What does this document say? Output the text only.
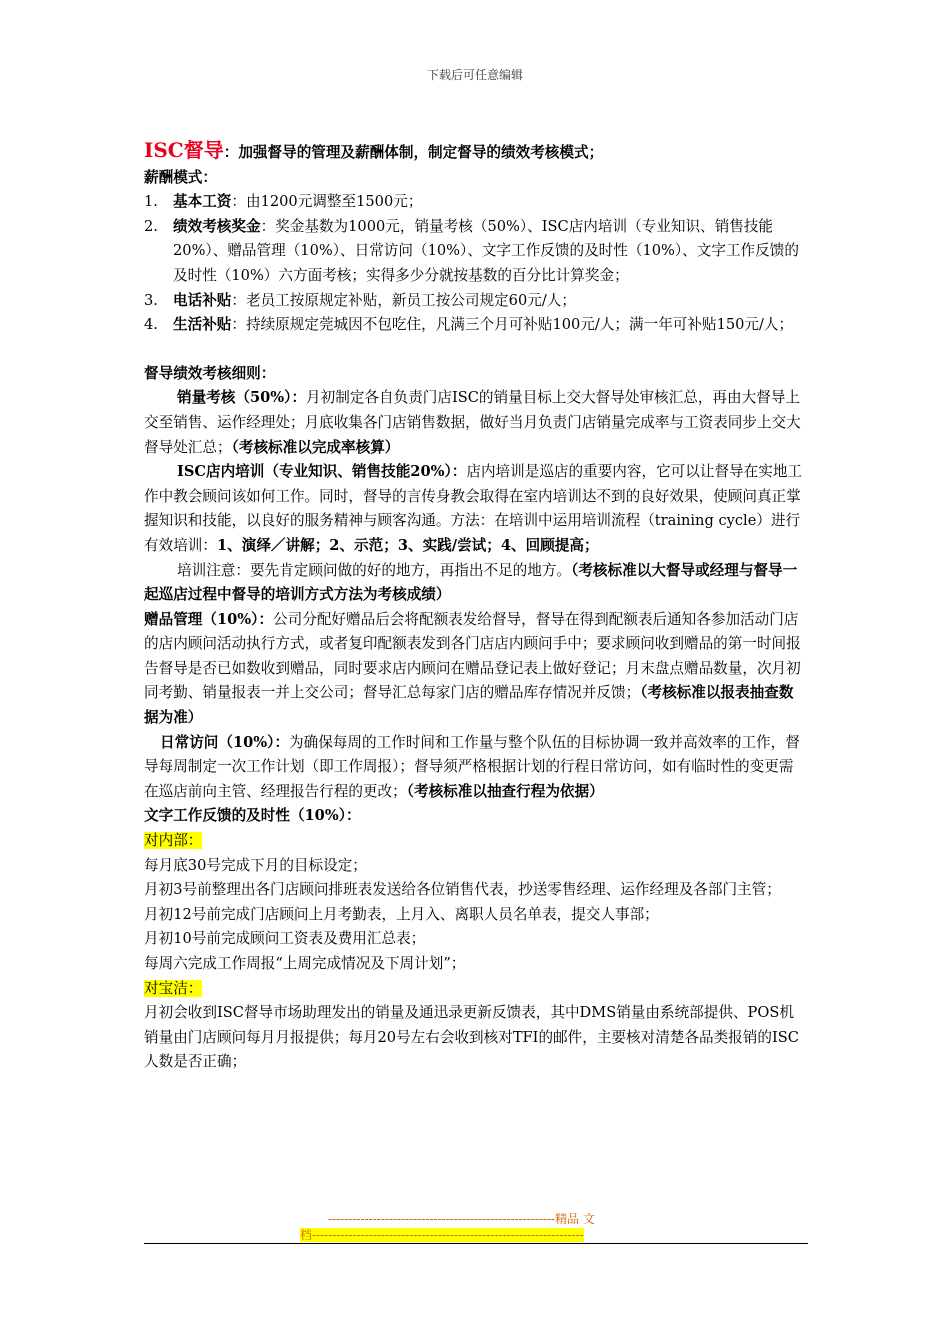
下载后可任意编辑

ISC督导：加强督导的管理及薪酬体制，制定督导的绩效考核模式；

薪酬模式：

1. 基本工资：由1200元调整至1500元；
2. 绩效考核奖金：奖金基数为1000元，销量考核（50%）、ISC店内培训（专业知识、销售技能20%）、赠品管理（10%）、日常访问（10%）、文字工作反馈的及时性（10%）、文字工作反馈的及时性（10%）六方面考核；实得多少分就按基数的百分比计算奖金；
3. 电话补贴：老员工按原规定补贴，新员工按公司规定60元/人；
4. 生活补贴：持续原规定莞城因不包吃住，凡满三个月可补贴100元/人；满一年可补贴150元/人；

督导绩效考核细则：

销量考核（50%）：月初制定各自负责门店ISC的销量目标上交大督导处审核汇总，再由大督导上交至销售、运作经理处；月底收集各门店销售数据，做好当月负责门店销量完成率与工资表同步上交大督导处汇总；（考核标准以完成率核算）

ISC店内培训（专业知识、销售技能20%）：店内培训是巡店的重要内容，它可以让督导在实地工作中教会顾问该如何工作。同时，督导的言传身教会取得在室内培训达不到的良好效果，使顾问真正掌握知识和技能，以良好的服务精神与顾客沟通。方法：在培训中运用培训流程（training cycle）进行有效培训：1、演绎／讲解；2、示范；3、实践/尝试；4、回顾提高；

培训注意：要先肯定顾问做的好的地方，再指出不足的地方。（考核标准以大督导或经理与督导一起巡店过程中督导的培训方式方法为考核成绩）

赠品管理（10%）：公司分配好赠品后会将配额表发给督导，督导在得到配额表后通知各参加活动门店的店内顾问活动执行方式，或者复印配额表发到各门店店内顾问手中；要求顾问收到赠品的第一时间报告督导是否已如数收到赠品，同时要求店内顾问在赠品登记表上做好登记；月末盘点赠品数量，次月初同考勤、销量报表一并上交公司；督导汇总每家门店的赠品库存情况并反馈；（考核标准以报表抽查数据为准）

日常访问（10%）：为确保每周的工作时间和工作量与整个队伍的目标协调一致并高效率的工作，督导每周制定一次工作计划（即工作周报）；督导须严格根据计划的行程日常访问，如有临时性的变更需在巡店前向主管、经理报告行程的更改；（考核标准以抽查行程为依据）

文字工作反馈的及时性（10%）：

对内部：

每月底30号完成下月的目标设定；

月初3号前整理出各门店顾问排班表发送给各位销售代表，抄送零售经理、运作经理及各部门主管；

月初12号前完成门店顾问上月考勤表，上月入、离职人员名单表，提交人事部；

月初10号前完成顾问工资表及费用汇总表；

每周六完成工作周报“上周完成情况及下周计划”；

对宝洁：

月初会收到ISC督导市场助理发出的销量及通迅录更新反馈表，其中DMS销量由系统部提供、POS机销量由门店顾问每月月报提供；每月20号左右会收到核对TFI的邮件，主要核对清楚各品类报销的ISC人数是否正确；

--------------------------------------------------------精品 文
档-------------------------------------------------------------------
